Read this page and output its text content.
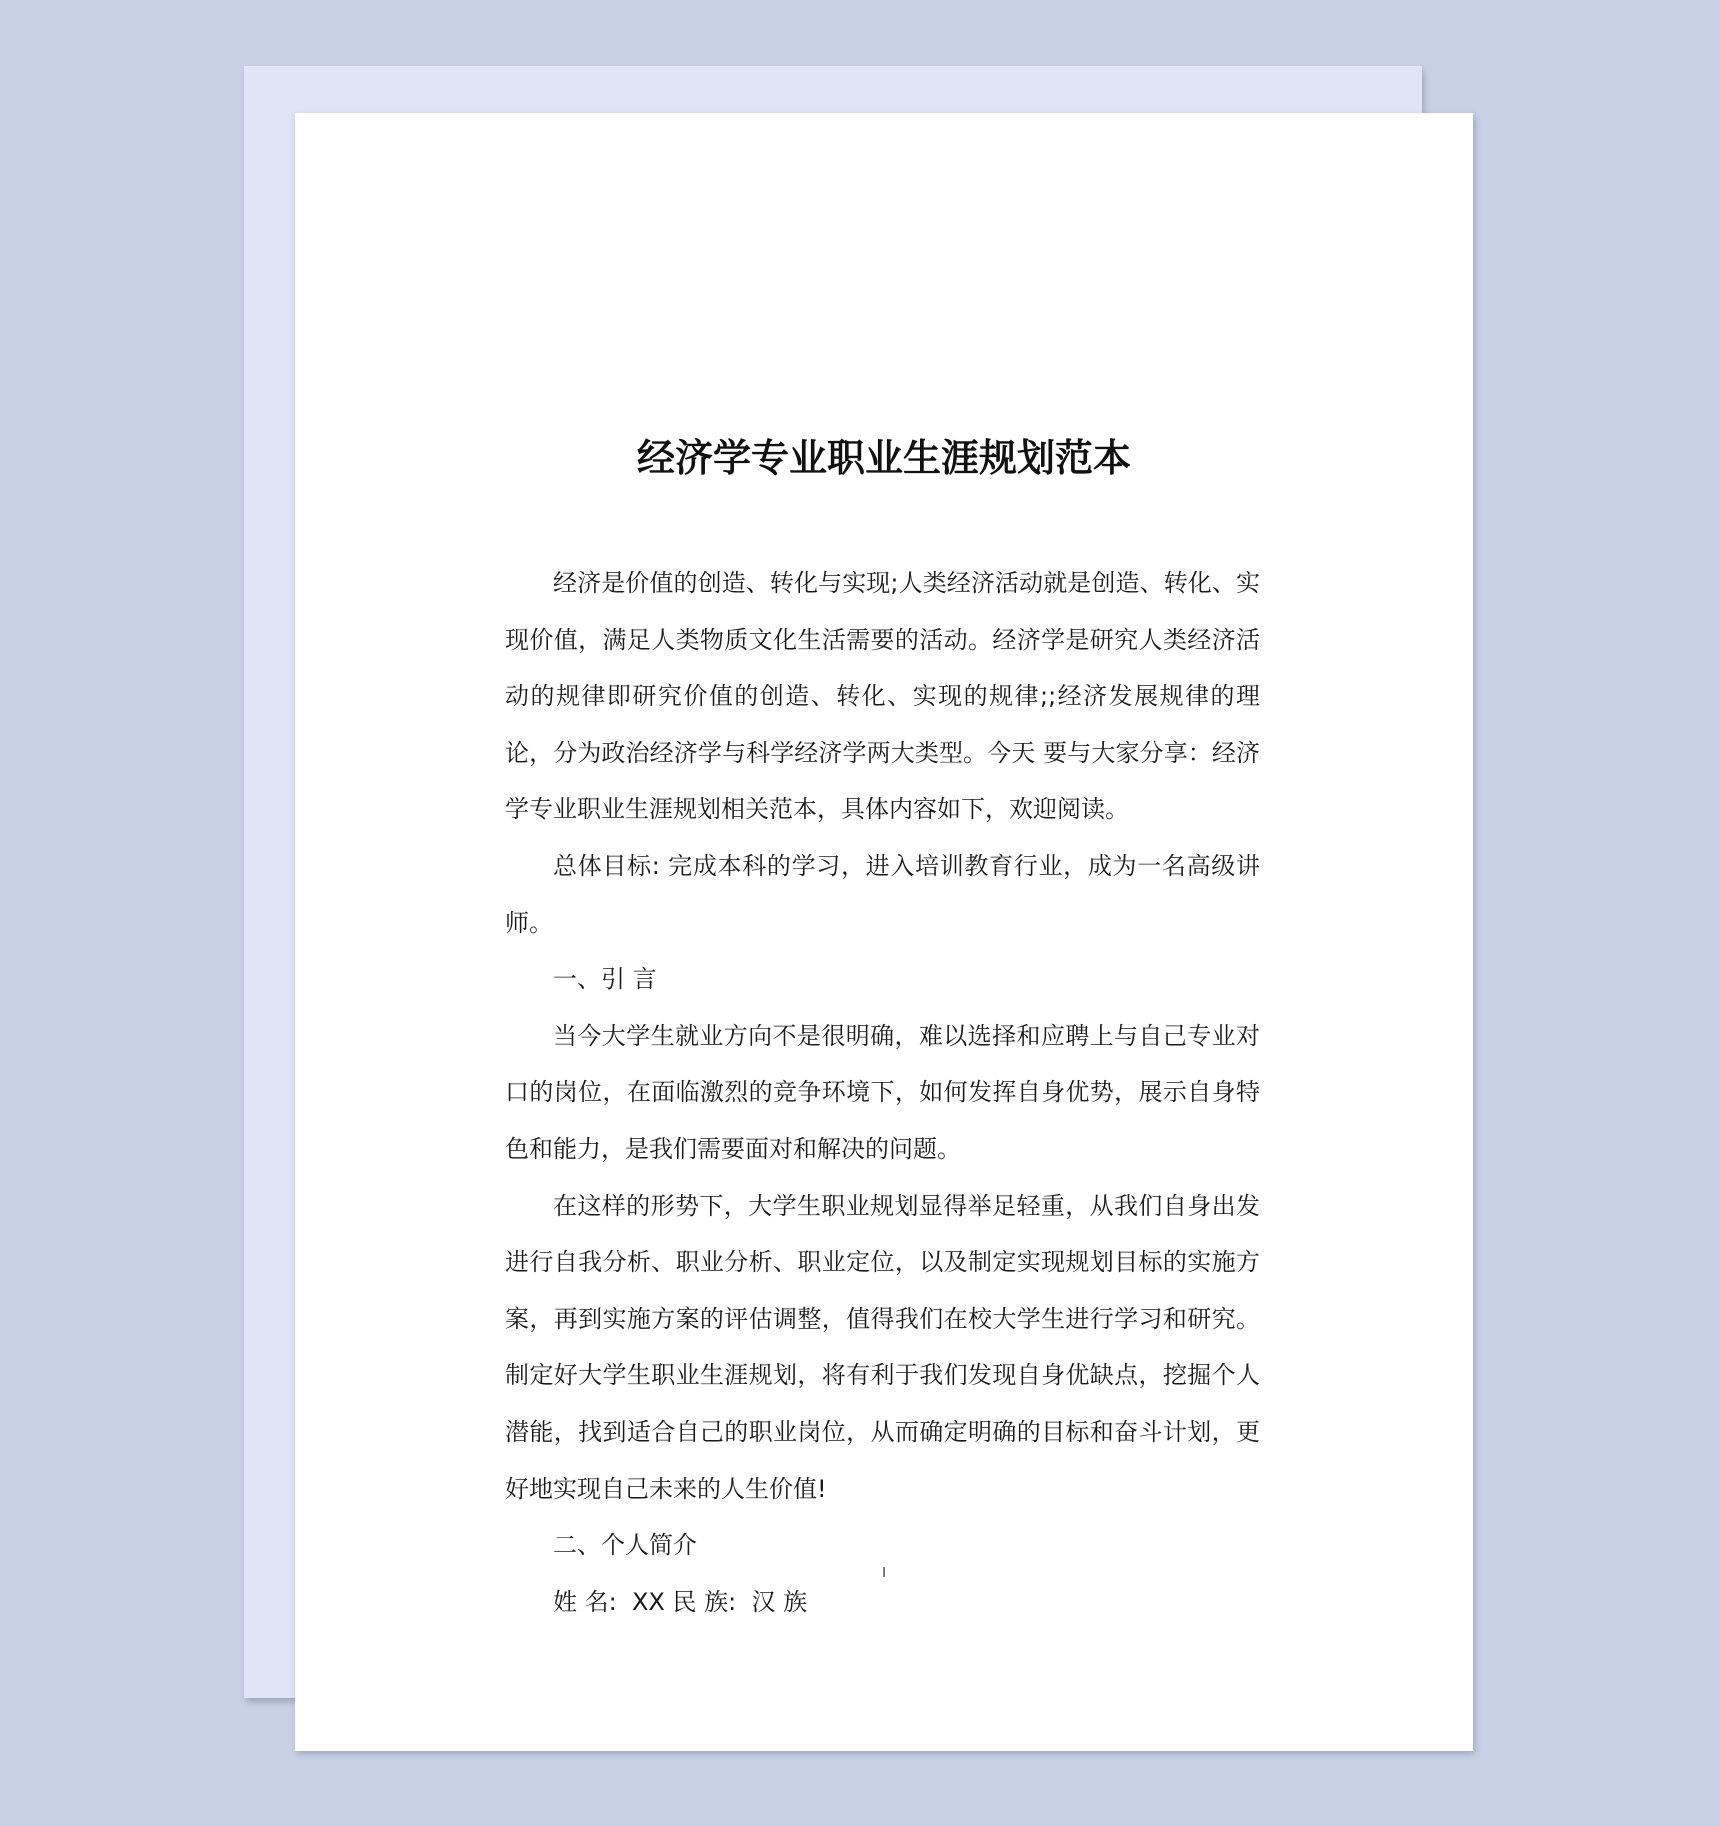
经济学专业职业生涯规划范本

经济是价值的创造、转化与实现;人类经济活动就是创造、转化、实现价值，满足人类物质文化生活需要的活动。经济学是研究人类经济活动的规律即研究价值的创造、转化、实现的规律;;经济发展规律的理论，分为政治经济学与科学经济学两大类型。今天 要与大家分享：经济学专业职业生涯规划相关范本，具体内容如下，欢迎阅读。

总体目标: 完成本科的学习，进入培训教育行业，成为一名高级讲师。

一、引 言

当今大学生就业方向不是很明确，难以选择和应聘上与自己专业对口的岗位，在面临激烈的竞争环境下，如何发挥自身优势，展示自身特色和能力，是我们需要面对和解决的问题。

在这样的形势下，大学生职业规划显得举足轻重，从我们自身出发进行自我分析、职业分析、职业定位，以及制定实现规划目标的实施方案，再到实施方案的评估调整，值得我们在校大学生进行学习和研究。制定好大学生职业生涯规划，将有利于我们发现自身优缺点，挖掘个人潜能，找到适合自己的职业岗位，从而确定明确的目标和奋斗计划，更好地实现自己未来的人生价值!

二、个人简介

姓 名:  XX 民 族:  汉 族

I
